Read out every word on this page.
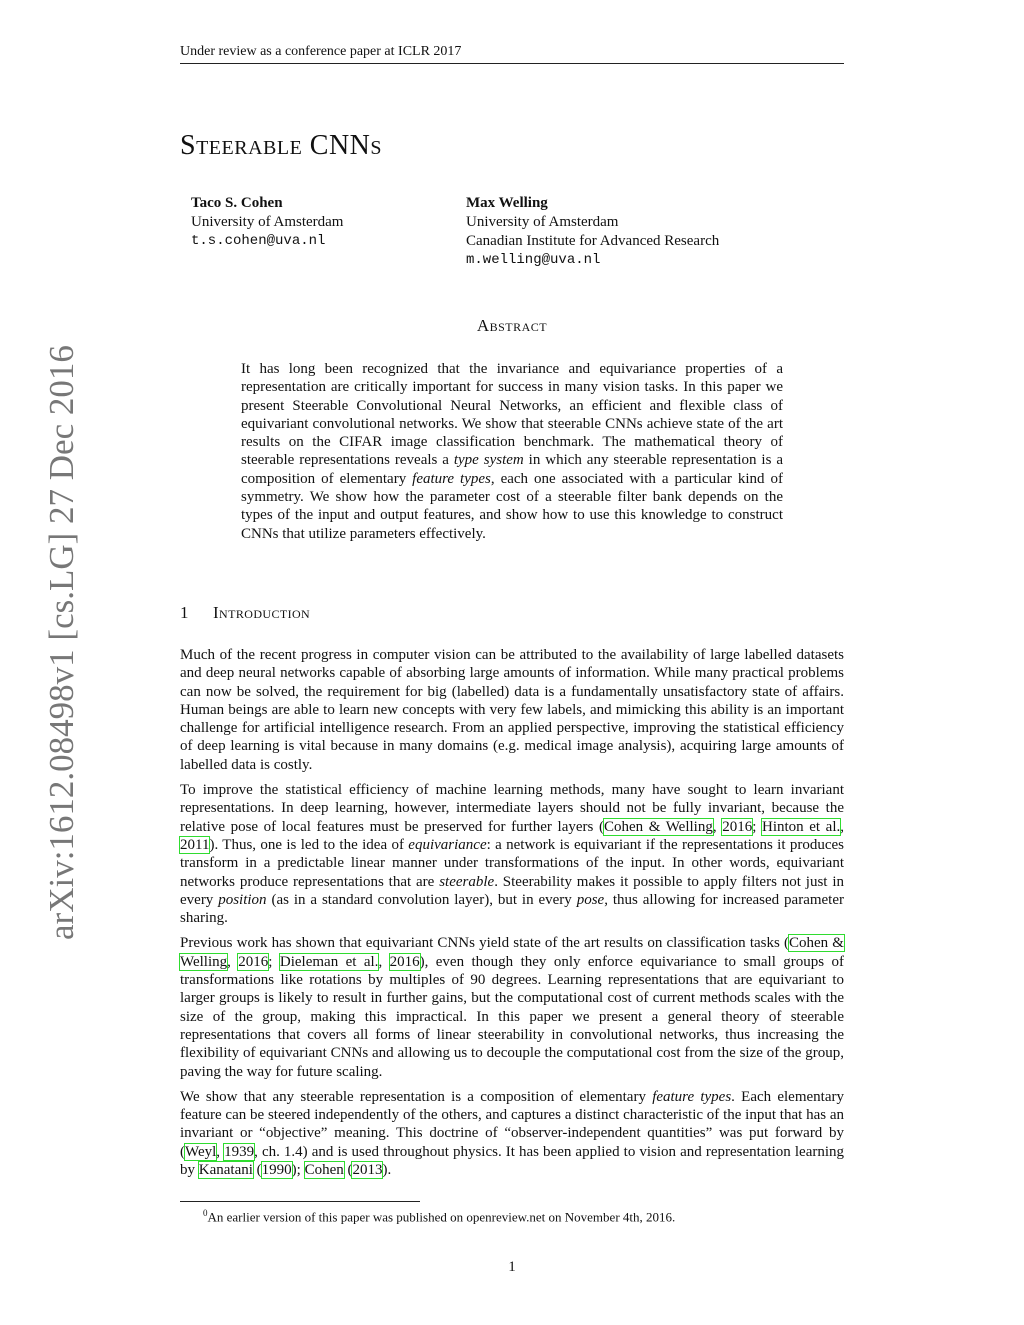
Under review as a conference paper at ICLR 2017
Steerable CNNs
Taco S. Cohen
University of Amsterdam
t.s.cohen@uva.nl
Max Welling
University of Amsterdam
Canadian Institute for Advanced Research
m.welling@uva.nl
Abstract

It has long been recognized that the invariance and equivariance properties of a representation are critically important for success in many vision tasks. In this paper we present Steerable Convolutional Neural Networks, an efficient and flexible class of equivariant convolutional networks. We show that steerable CNNs achieve state of the art results on the CIFAR image classification benchmark. The mathematical theory of steerable representations reveals a type system in which any steerable representation is a composition of elementary feature types, each one associated with a particular kind of symmetry. We show how the parameter cost of a steerable filter bank depends on the types of the input and output features, and show how to use this knowledge to construct CNNs that utilize parameters effectively.

1 Introduction

Much of the recent progress in computer vision can be attributed to the availability of large labelled datasets and deep neural networks capable of absorbing large amounts of information. While many practical problems can now be solved, the requirement for big (labelled) data is a fundamentally unsatisfactory state of affairs. Human beings are able to learn new concepts with very few labels, and mimicking this ability is an important challenge for artificial intelligence research. From an applied perspective, improving the statistical efficiency of deep learning is vital because in many domains (e.g. medical image analysis), acquiring large amounts of labelled data is costly.

To improve the statistical efficiency of machine learning methods, many have sought to learn invariant representations. In deep learning, however, intermediate layers should not be fully invariant, because the relative pose of local features must be preserved for further layers (Cohen & Welling, 2016; Hinton et al., 2011). Thus, one is led to the idea of equivariance: a network is equivariant if the representations it produces transform in a predictable linear manner under transformations of the input. In other words, equivariant networks produce representations that are steerable. Steerability makes it possible to apply filters not just in every position (as in a standard convolution layer), but in every pose, thus allowing for increased parameter sharing.

Previous work has shown that equivariant CNNs yield state of the art results on classification tasks (Cohen & Welling, 2016; Dieleman et al., 2016), even though they only enforce equivariance to small groups of transformations like rotations by multiples of 90 degrees. Learning representations that are equivariant to larger groups is likely to result in further gains, but the computational cost of current methods scales with the size of the group, making this impractical. In this paper we present a general theory of steerable representations that covers all forms of linear steerability in convolutional networks, thus increasing the flexibility of equivariant CNNs and allowing us to decouple the computational cost from the size of the group, paving the way for future scaling.

We show that any steerable representation is a composition of elementary feature types. Each elementary feature can be steered independently of the others, and captures a distinct characteristic of the input that has an invariant or “objective” meaning. This doctrine of “observer-independent quantities” was put forward by (Weyl, 1939, ch. 1.4) and is used throughout physics. It has been applied to vision and representation learning by Kanatani (1990); Cohen (2013).

$^0$An earlier version of this paper was published on openreview.net on November 4th, 2016.
1
arXiv:1612.08498v1 [cs.LG] 27 Dec 2016
